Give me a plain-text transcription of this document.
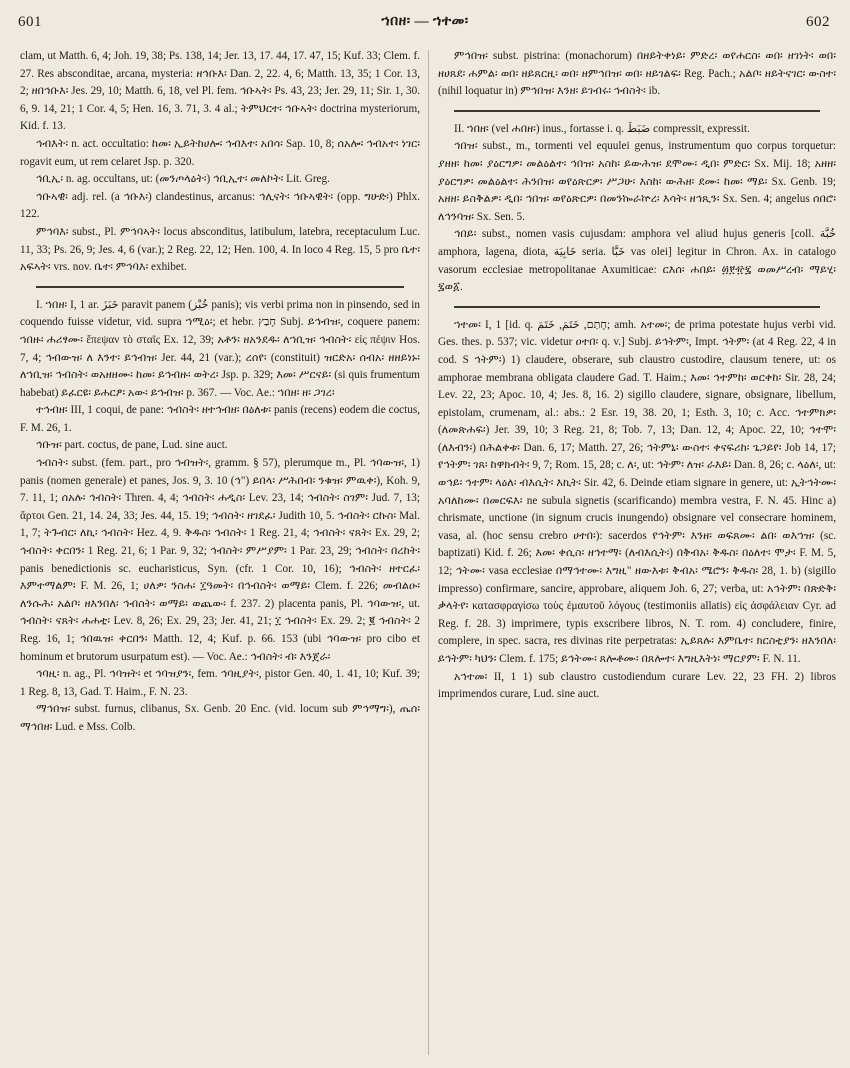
601	ኀበዘ፡ — ኀተመ፡	602

clam, ut Matth. 6, 4; Joh. 19, 38; Ps. 138, 14; Jer. 13, 17. 44, 17. 47, 15; Kuf. 33; Clem. f. 27. Res absconditae, arcana, mysteria: ዘኅቡእ፡ Dan. 2, 22. 4, 6; Matth. 13, 35; 1 Cor. 13, 2; ዘበኅቡእ፡ Jes. 29, 10; Matth. 6, 18, vel Pl. fem. ኅቡኣት፡ Ps. 43, 23; Jer. 29, 11; Sir. 1, 30. 6, 9. 14, 21; 1 Cor. 4, 5; Hen. 16, 3. 71, 3. 4 al.; ትምህርተ፡ ኅቡኣት፡ doctrina mysteriorum, Kid. f. 13.

ኅብእት፡ n. act. occultatio: ከመ፡ ኢይትከሀሎ፡ ኅብእተ፡ አበሳ፡ Sap. 10, 8; ሰአሎ፡ ኅብአተ፡ ነገር፡ rogavit eum, ut rem celaret Jsp. p. 320.

ኅቢኢ፡ n. ag. occultans, ut: (መንጦላዕት፡) ኅቢኢተ፡ መለኮት፡ Lit. Greg.

ኅቡኣዊ፡ adj. rel. (a ኅቡእ፡) clandestinus, arcanus: ኅሊናት፡ ኅቡኣዊት፡ (opp. ግሁድ፡) Phlx. 122.

ምኅባእ፡ subst., Pl. ምኅባኣት፡ locus absconditus, latibulum, latebra, receptaculum Luc. 11, 33; Ps. 26, 9; Jes. 4, 6 (var.); 2 Reg. 22, 12; Hen. 100, 4. In loco 4 Reg. 15, 5 pro ቤተ፡ አፍኣት፡ vrs. nov. ቤተ፡ ምኅባእ፡ exhibet.

I. ኀበዘ፡ I, 1 ar. خَبَزَ paravit panem (خُبْز panis); vis verbi prima non in pinsendo, sed in coquendo fuisse videtur, vid. supra ኀሚዕ፡; et hebr. חָבַץ Subj. ይኅብዝ፡, coquere panem: ኀበዙ፡ ሐሪፃሙ፡ ἔπεψαν τὸ σταῖς Ex. 12, 39; አቶን፡ ዘአንደዱ፡ ለኀቢዝ፡ ኅብስት፡ εἰς πέψιν Hos. 7, 4; ኅብውዝ፡ ለ እንተ፡ ይኅብዝ፡ Jer. 44, 21 (var.); ረሰየ፡ (constituit) ዝርድአ፡ ሰብአ፡ ዘዘይነኑ፡ ለኀቢዝ፡ ኅብስት፡ ወአዘዘሙ፡ ከመ፡ ይኅብዙ፡ ወትረ፡ Jsp. p. 329; እመ፡ ሥርናይ፡ (si quis frumentum habebat) ይፈርዩ፡ ይሐርፆ፡ አው፡ ይኀብዝ፡ p. 367. — Voc. Ae.: ኀበዘ፡ ዘ፡ ጋገረ፡

ተኅብዘ፡ III, 1 coqui, de pane: ኅብስት፡ ዘተኅብዘ፡ በዕለቱ፡ panis (recens) eodem die coctus, F. M. 26, 1.

ኅቡዝ፡ part. coctus, de pane, Lud. sine auct.

ኅብስት፡ subst. (fem. part., pro ኅብዝት፡, gramm. § 57), plerumque m., Pl. ኅባውዝ፡, 1) panis (nomen generale) et panes, Jos. 9, 3. 10 (ኅ") ይበላ፡ ሥሕበብ፡ ንቁዝ፡ ምዉቀ፡), Koh. 9, 7. 11, 1; ሰአሉ፡ ኅብስት፡ Thren. 4, 4; ኅብስት፡ ሐዲስ፡ Lev. 23, 14; ኅብስት፡ ስገም፡ Jud. 7, 13; ἄρτοι Gen. 21, 14. 24, 33; Jes. 44, 15. 19; ኅብስት፡ ዘገደፈ፡ Judith 10, 5. ኅብስት፡ ርኩስ፡ Mal. 1, 7; ትጉብር፡ ለኪ፡ ኅብስት፡ Hez. 4, 9. ቅዱስ፡ ኅብስት፡ 1 Reg. 21, 4; ኅብስት፡ ናጸት፡ Ex. 29, 2; ኅብስት፡ ቀርበን፡ 1 Reg. 21, 6; 1 Par. 9, 32; ኅብስት፡ ምሥያም፡ 1 Par. 23, 29; ኅብስት፡ በረከት፡ panis benedictionis sc. eucharisticus, Syn. (cfr. 1 Cor. 10, 16); ኅብስት፡ ዘተርፈ፡ እምተማልም፡ F. M. 26, 1; ሀለዎ፡ ንስሐ፡ ፲ዓመት፡ በኅብስት፡ ወማይ፡ Clem. f. 226; መብልዑ፡ ለንሱሕ፡ አልቦ፡ ዘእንበለ፡ ኅብስት፡ ወማይ፡ ወጨው፡ f. 237. 2) placenta panis, Pl. ኅባውዝ፡, ut. ኅብስት፡ ናጸት፡ ሐሐቲ፡ Lev. 8, 26; Ex. 29, 23; Jer. 41, 21; ፲ ኅብስት፡ Ex. 29. 2; ፪ ኅብስት፡ 2 Reg. 16, 1; ኅበዉዝ፡ ቀርበን፡ Matth. 12, 4; Kuf. p. 66. 153 (ubi ኅባውዝ፡ pro cibo et hominum et brutorum usurpatum est). — Voc. Ae.: ኅብስት፡ ብ፡ እንጀራ፡

ኅባዚ፡ n. ag., Pl. ኅባዝት፡ et ኅባዝያን፡, fem. ኅባዚያት፡, pistor Gen. 40, 1. 41, 10; Kuf. 39; 1 Reg. 8, 13, Gad. T. Haim., F. N. 23.

ማኅበዝ፡ subst. furnus, clibanus, Sx. Genb. 20 Enc. (vid. locum sub ምኅማግ፡), ጤሰ፡ ማኅበዘ፡ Lud. e Mss. Colb.

ምኅበዝ፡ subst. pistrina: (monachorum) በዘይትቀነይ፡ ምድረ፡ ወየሐርስ፡ ወበ፡ ዘገነት፡ ወበ፡ ዘሀጸደ፡ ሐምል፡ ወበ፡ ዘይጸርዚ፡ ወበ፡ ዘምኅበዝ፡ ወበ፡ ዘይገልፍ፡ Reg. Pach.; አልቦ፡ ዘይትናገር፡ ውስተ፡ (nihil loquatur in) ምኅበዝ፡ እንዘ፡ ይገብሩ፡ ኅብስት፡ ib.

II. ኀበዘ፡ (vel ሐበዘ፡) inus., fortasse i. q. ضَبَطَ compressit, expressit.

ኅበዝ፡ subst., m., tormenti vel equulei genus, instrumentum quo corpus torquetur: ያዘዘ፡ ከመ፡ ያዕርግዎ፡ መልዕልተ፡ ኅበዝ፡ አስከ፡ ይውሕዝ፡ ደሞሙ፡ ዲበ፡ ምድር፡ Sx. Mij. 18; አዘዘ፡ ያዕርግዎ፡ መልዕልተ፡ ሕንበዝ፡ ወየዕጽርዎ፡ ሥጋሁ፡ እስከ፡ ውሕዘ፡ ደሙ፡ ከመ፡ ማይ፡ Sx. Genb. 19; አዘዘ፡ ይስቅልዎ፡ ዲበ፡ ኅበዝ፡ ወየዕጽርዎ፡ በመንኰራኵረ፡ እሳት፡ ዘኅጺን፡ Sx. Sen. 4; angelus ሰበሮ፡ ለኅንባዝ፡ Sx. Sen. 5.

ኅበይ፡ subst., nomen vasis cujusdam: amphora vel aliud hujus generis [coll. خُبَّة amphora, lagena, diota, خَابِيَة seria. خَبَّا vas olei] legitur in Chron. Ax. in catalogo vasorum ecclesiae metropolitanae Axumiticae: ርእሰ፡ ሐበይ፡ ፴፻፹፯ ወመሥረብ፡ ማይሂ፡ ፯ወ፩.

ኀተመ፡ I, 1 [id. q. חָתַם, خَتَمَ, خَتَمَ; amh. አተመ፡; de prima potestate hujus verbi vid. Ges. thes. p. 537; vic. videtur ዐተበ፡ q. v.] Subj. ይኅትም፡, Impt. ኅትም፡ (at 4 Reg. 22, 4 in cod. S ኅትም፡) 1) claudere, obserare, sub claustro custodire, clausum tenere, ut: os amphorae membrana obligata claudere Gad. T. Haim.; እመ፡ ኅተምከ፡ ወርቀከ፡ Sir. 28, 24; Lev. 22, 23; Apoc. 10, 4; Jes. 8, 16. 2) sigillo claudere, signare, obsignare, libellum, epistolam, crumenam, al.: abs.: 2 Esr. 19, 38. 20, 1; Esth. 3, 10; c. Acc. ኅተምክዎ፡ (ለመጽሐፍ፡) Jer. 39, 10; 3 Reg. 21, 8; Tob. 7, 13; Dan. 12, 4; Apoc. 22, 10; ኅተሞ፡ (ለእብን፡) በሕልቀቱ፡ Dan. 6, 17; Matth. 27, 26; ኅትምኒ፡ ውስተ፡ ቀናፍሪከ፡ ጌጋይየ፡ Job 14, 17; የኅትም፡ ገጸ፡ ከዋክብት፡ 9, 7; Rom. 15, 28; c. ለ፡, ut: ኅትም፡ ለዝ፡ ራእይ፡ Dan. 8, 26; c. ላዕለ፡, ut: ወኅይ፡ ኅተም፡ ላዕለ፡ ብእሲት፡ እኪት፡ Sir. 42, 6. Deinde etiam signare in genere, ut: ኢትኅትሙ፡ አባለከሙ፡ በመርፍእ፡ ne subula signetis (scarificando) membra vestra, F. N. 45. Hinc a) chrismate, unctione (in signum crucis inungendo) obsignare vel consecrare hominem, vasa, al. (hoc sensu crebro ሀተበ፡): sacerdos የኅትም፡ እንዘ፡ ወፍጸሙ፡ ልበ፡ ወእኀዝ፡ (sc. baptizati) Kid. f. 26; እመ፡ ቀሲስ፡ ዘኅተማ፡ (ለብእሲት፡) በቅብአ፡ ቅዱስ፡ በዕለተ፡ ሞታ፡ F. M. 5, 12; ኅትሙ፡ vasa ecclesiae በማኅተሙ፡ እግዚ" ዘውእቱ፡ ቅብአ፡ ሜሮን፡ ቅዱስ፡ 28, 1. b) (sigillo impresso) confirmare, sancire, approbare, aliquem Joh. 6, 27; verba, ut: አኅትም፡ በጽድቅ፡ ቃላትየ፡ κατασφραγίσω τοὺς ἐμαυτοῦ λόγους (testimoniis allatis) εἰς ἀσφάλειαν Cyr. ad Reg. f. 28. 3) imprimere, typis exscribere libros, N. T. rom. 4) concludere, finire, complere, in spec. sacra, res divinas rite perpetratas: ኢይጸሉ፡ እምቤተ፡ ክርስቲያን፡ ዘእንበለ፡ ይኅትም፡ ካህን፡ Clem. f. 175; ይኅትሙ፡ ጸሎቶሙ፡ በጸሎተ፡ እግዚእትነ፡ ማርያም፡ F. N. 11.

አኅተመ፡ II, 1 1) sub claustro custodiendum curare Lev. 22, 23 FH. 2) libros imprimendos curare, Lud. sine auct.
